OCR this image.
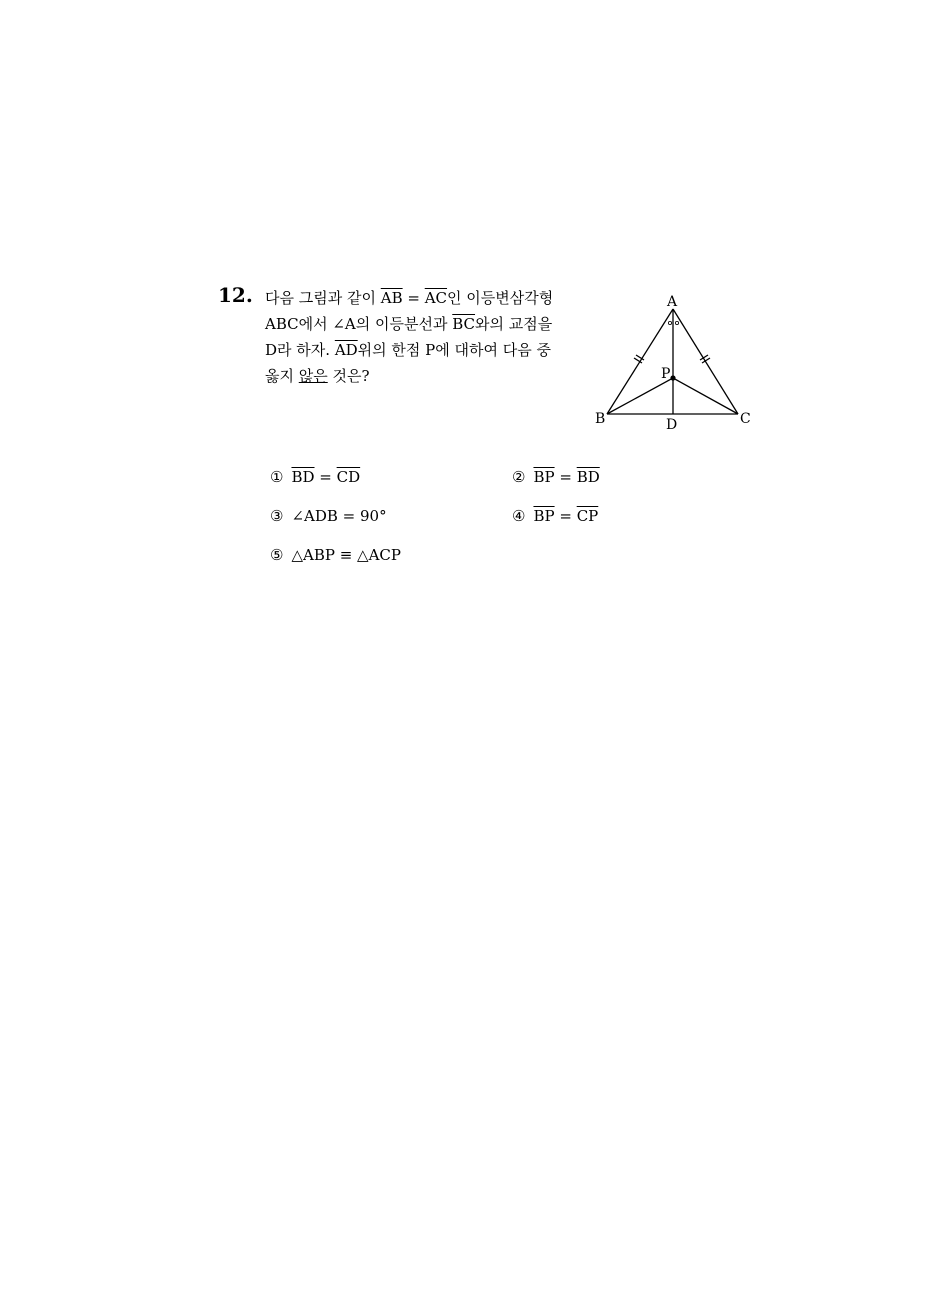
12. 다음 그림과 같이 $\overline{AB} = \overline{AC}$인 이등변삼각형
ABC에서 ∠A의 이등분선과 $\overline{BC}$와의 교점을
D라 하자. $\overline{AD}$위의 한점 P에 대하여 다음 중
옳지 않은 것은?
A
B	C
D
P
① $\overline{BD} = \overline{CD}$	② $\overline{BP} = \overline{BD}$
③ ∠ADB = 90°	④ $\overline{BP} = \overline{CP}$
⑤ △ABP ≡ △ACP
